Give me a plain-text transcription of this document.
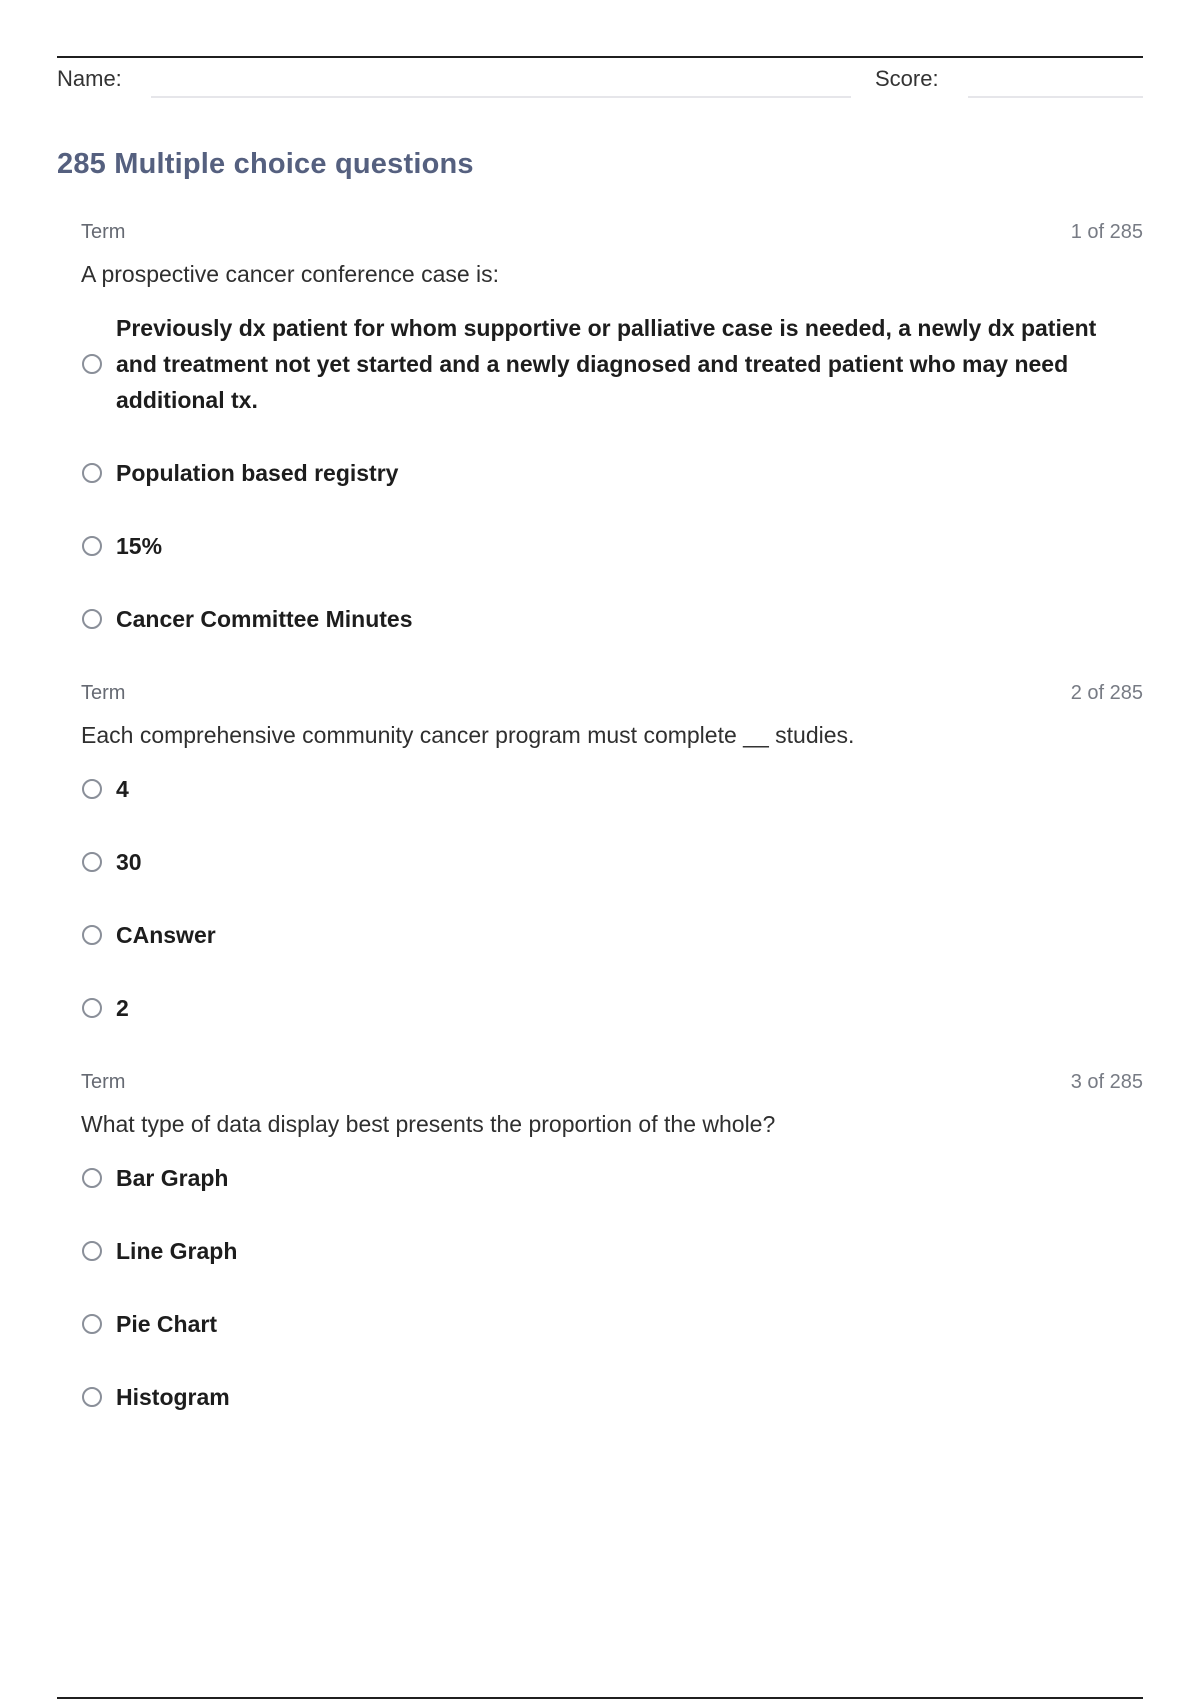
Name:	Score:
285 Multiple choice questions
Term	1 of 285
A prospective cancer conference case is:
Previously dx patient for whom supportive or palliative case is needed, a newly dx patient and treatment not yet started and a newly diagnosed and treated patient who may need additional tx.
Population based registry
15%
Cancer Committee Minutes
Term	2 of 285
Each comprehensive community cancer program must complete __ studies.
4
30
CAnswer
2
Term	3 of 285
What type of data display best presents the proportion of the whole?
Bar Graph
Line Graph
Pie Chart
Histogram
